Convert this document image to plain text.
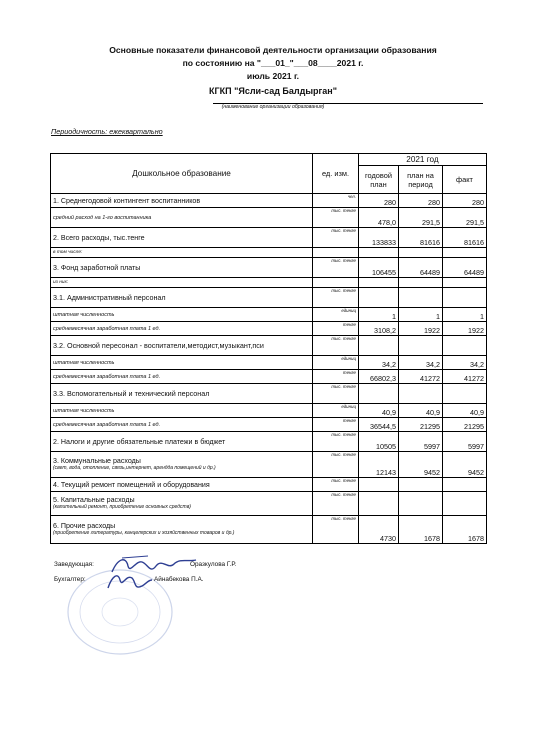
Основные показатели финансовой деятельности организации образования
по состоянию на "___01_"___08____2021 г.
июль 2021 г.
КГКП "Ясли-сад Балдырган"
(наименование организации образования)
Периодичность: ежеквартально
Дошкольное образование	ед. изм.	2021 год		
		годовой план	план на период	факт
1. Среднегодовой контингент воспитанников	чел.	280	280	280
средний расход на 1-го воспитанника	тыс. тенге	478,0	291,5	291,5
2. Всего расходы, тыс.тенге	тыс. тенге	133833	81616	81616
в том числе:				
3. Фонд заработной платы	тыс. тенге	106455	64489	64489
из них:				
3.1. Административный персонал	тыс. тенге			
штатная численность	единиц	1	1	1
среднемесячная заработная плата 1 ед.	тенге	3108,2	1922	1922
3.2. Основной пересонал - воспитатели,методист,музыкант,пси	тыс. тенге			
штатная численность	единиц	34,2	34,2	34,2
среднемесячная заработная плата 1 ед.	тенге	66802,3	41272	41272
3.3. Вспомогательный и технический персонал	тыс. тенге			
штатная численность	единиц	40,9	40,9	40,9
среднемесячная заработная плата 1 ед.	тенге	36544,5	21295	21295
2. Налоги и другие обязательные платежи в бюджет	тыс. тенге	10505	5997	5997
3. Коммунальные расходы
(свет, вода, отопление, связь,интернет, арендда помещений и др.)	тыс. тенге	12143	9452	9452
4. Текущий ремонт помещений и оборудования	тыс. тенге			
5. Капитальные расходы
(капительный ремонт, приобретение основных средств)	тыс. тенге			
6. Прочие расходы
(приобретение литературы, канцелярских и хозяйственных товаров и др.)	тыс. тенге	4730	1678	1678
Заведующая:	Оразкулова Г.Р.
Бухгалтер:	Айнабекова П.А.
